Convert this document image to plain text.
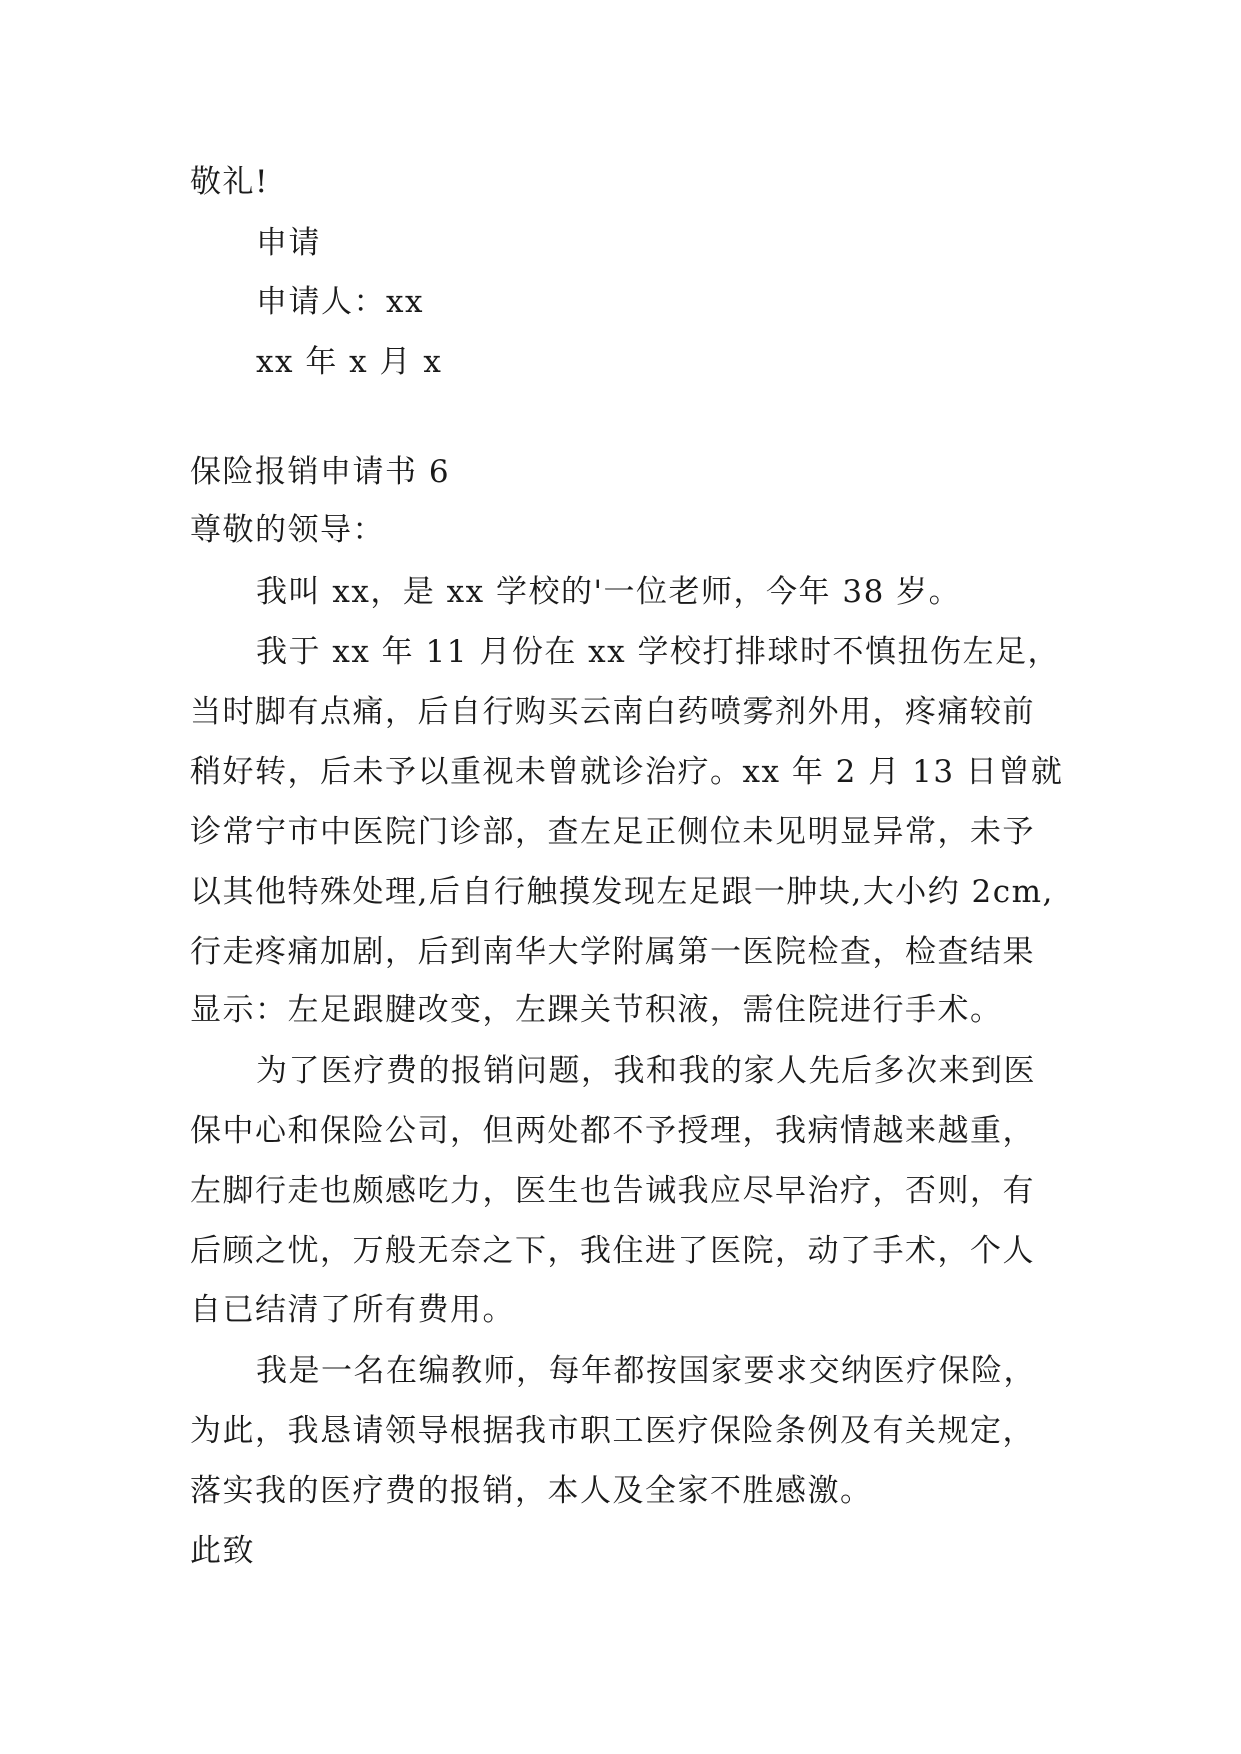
敬礼!
申请
申请人：xx
xx 年 x 月 x
保险报销申请书 6
尊敬的领导：
我叫 xx，是 xx 学校的'一位老师，今年 38 岁。
我于 xx 年 11 月份在 xx 学校打排球时不慎扭伤左足，
当时脚有点痛，后自行购买云南白药喷雾剂外用，疼痛较前
稍好转，后未予以重视未曾就诊治疗。xx 年 2 月 13 日曾就
诊常宁市中医院门诊部，查左足正侧位未见明显异常，未予
以其他特殊处理,后自行触摸发现左足跟一肿块,大小约 2cm,
行走疼痛加剧，后到南华大学附属第一医院检查，检查结果
显示：左足跟腱改变，左踝关节积液，需住院进行手术。
为了医疗费的报销问题，我和我的家人先后多次来到医
保中心和保险公司，但两处都不予授理，我病情越来越重，
左脚行走也颇感吃力，医生也告诫我应尽早治疗，否则，有
后顾之忧，万般无奈之下，我住进了医院，动了手术，个人
自已结清了所有费用。
我是一名在编教师，每年都按国家要求交纳医疗保险，
为此，我恳请领导根据我市职工医疗保险条例及有关规定，
落实我的医疗费的报销，本人及全家不胜感激。
此致
